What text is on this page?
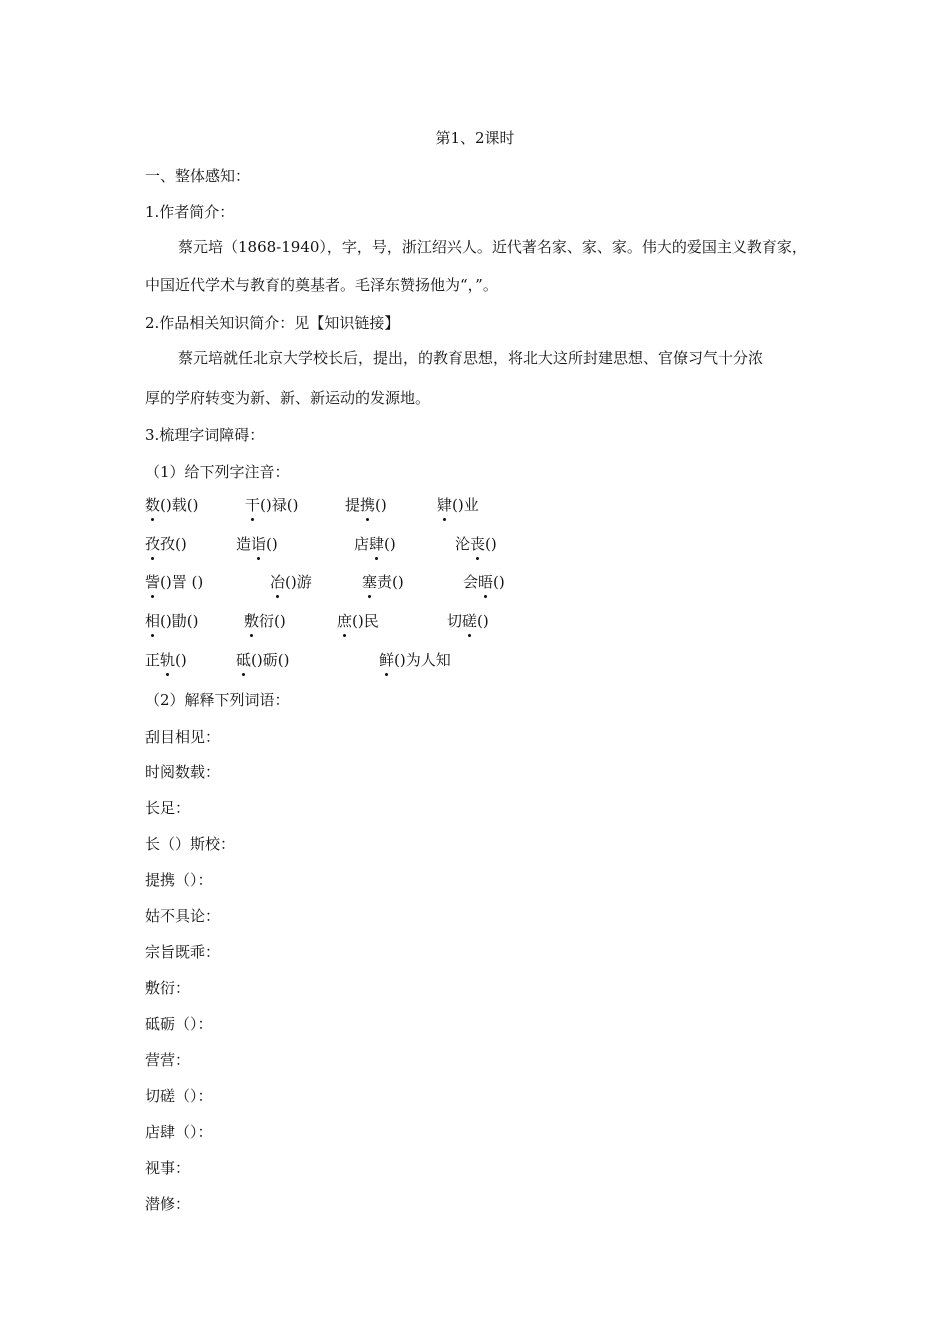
第1、2课时
一、整体感知：
1.作者简介：
蔡元培（1868-1940），字，号，浙江绍兴人。近代著名家、家、家。伟大的爱国主义教育家，
中国近代学术与教育的奠基者。毛泽东赞扬他为“，”。
2.作品相关知识简介：见【知识链接】
蔡元培就任北京大学校长后，提出，的教育思想，将北大这所封建思想、官僚习气十分浓
厚的学府转变为新、新、新运动的发源地。
3.梳理字词障碍：
（1）给下列字注音：
数()载()	干()禄()	提携()	肄()业
孜孜()	造诣()	店肆()	沦丧()
訾()詈 ()	冶()游	塞责()	会晤()
相()勖()	敷衍()	庶()民	切磋()
正轨()	砥()砺()	鲜()为人知
（2）解释下列词语：
刮目相见：
时阅数载：
长足：
长（）斯校：
提携（）：
姑不具论：
宗旨既乖：
敷衍：
砥砺（）：
营营：
切磋（）：
店肆（）：
视事：
潜修：
